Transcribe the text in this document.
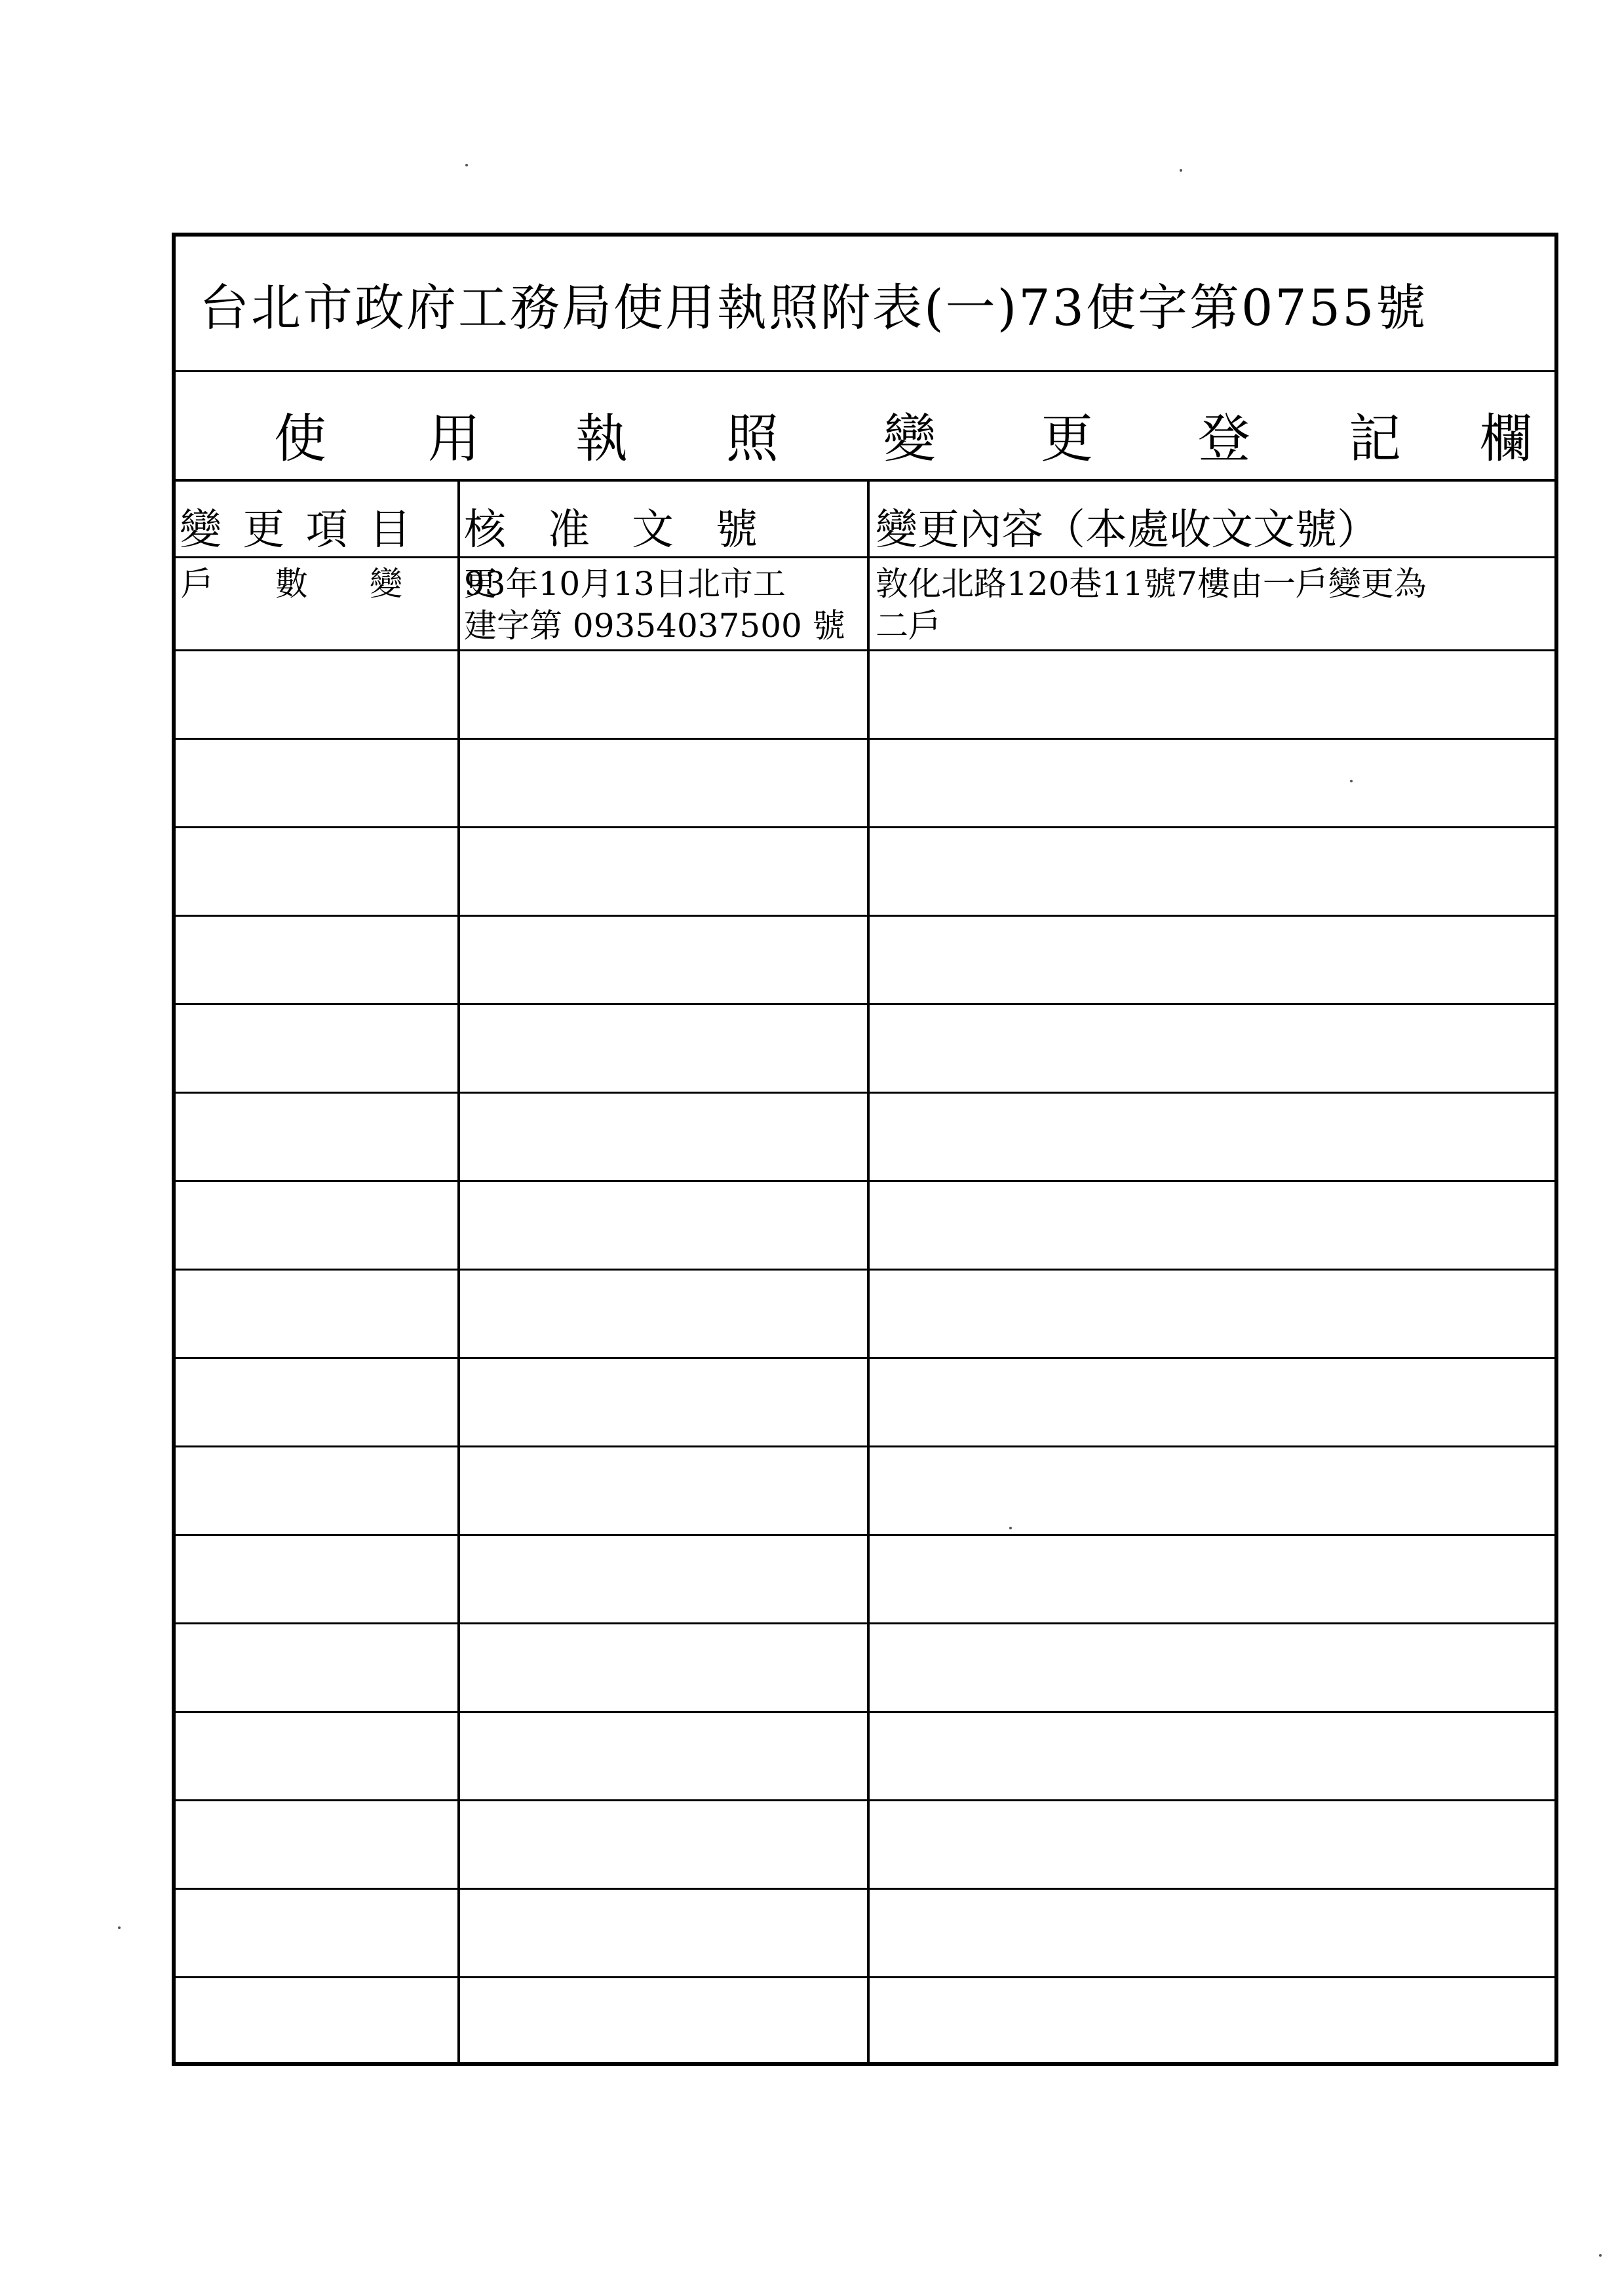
台北市政府工務局使用執照附表(一)73使字第0755號
使 用 執 照 變 更 登 記 欄
變 更 項 目 核　准　文　號	變更內容（本處收文文號）
戶　數　變　更
93年10月13日北市工
建字第 09354037500 號
敦化北路120巷11號7樓由一戶變更為
二戶
